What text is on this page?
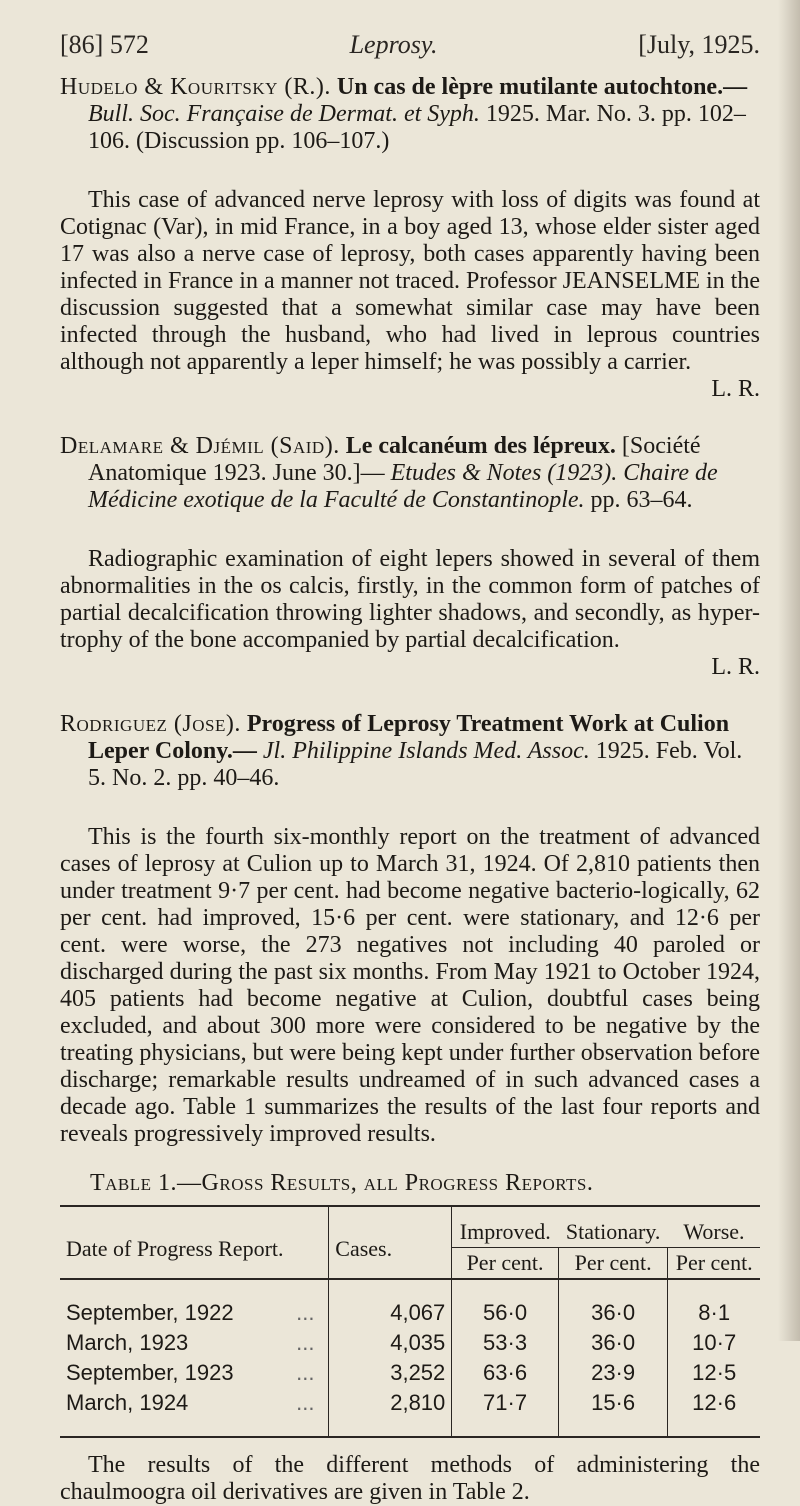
[86] 572	Leprosy.	[July, 1925.

Hudelo & Kouritsky (R.). Un cas de lèpre mutilante autochtone.— Bull. Soc. Française de Dermat. et Syph. 1925. Mar. No. 3. pp. 102–106. (Discussion pp. 106–107.)

This case of advanced nerve leprosy with loss of digits was found at Cotignac (Var), in mid France, in a boy aged 13, whose elder sister aged 17 was also a nerve case of leprosy, both cases apparently having been infected in France in a manner not traced. Professor JEANSELME in the discussion suggested that a somewhat similar case may have been infected through the husband, who had lived in leprous countries although not apparently a leper himself; he was possibly a carrier.
L. R.

Delamare & Djémil (Said). Le calcanéum des lépreux. [Société Anatomique 1923. June 30.]— Etudes & Notes (1923). Chaire de Médicine exotique de la Faculté de Constantinople. pp. 63–64.

Radiographic examination of eight lepers showed in several of them abnormalities in the os calcis, firstly, in the common form of patches of partial decalcification throwing lighter shadows, and secondly, as hyper-trophy of the bone accompanied by partial decalcification.
L. R.

Rodriguez (Jose). Progress of Leprosy Treatment Work at Culion Leper Colony.— Jl. Philippine Islands Med. Assoc. 1925. Feb. Vol. 5. No. 2. pp. 40–46.

This is the fourth six-monthly report on the treatment of advanced cases of leprosy at Culion up to March 31, 1924. Of 2,810 patients then under treatment 9·7 per cent. had become negative bacterio-logically, 62 per cent. had improved, 15·6 per cent. were stationary, and 12·6 per cent. were worse, the 273 negatives not including 40 paroled or discharged during the past six months. From May 1921 to October 1924, 405 patients had become negative at Culion, doubtful cases being excluded, and about 300 more were considered to be negative by the treating physicians, but were being kept under further observation before discharge; remarkable results undreamed of in such advanced cases a decade ago. Table 1 summarizes the results of the last four reports and reveals progressively improved results.

Table 1.—Gross Results, all Progress Reports.
Date of Progress Report.		Cases.	Improved.	Stationary.	Worse.
			Per cent.	Per cent.	Per cent.

September, 1922	...	4,067	56·0	36·0	8·1
March, 1923	...	4,035	53·3	36·0	10·7
September, 1923	...	3,252	63·6	23·9	12·5
March, 1924	...	2,810	71·7	15·6	12·6

The results of the different methods of administering the chaulmoogra oil derivatives are given in Table 2.
